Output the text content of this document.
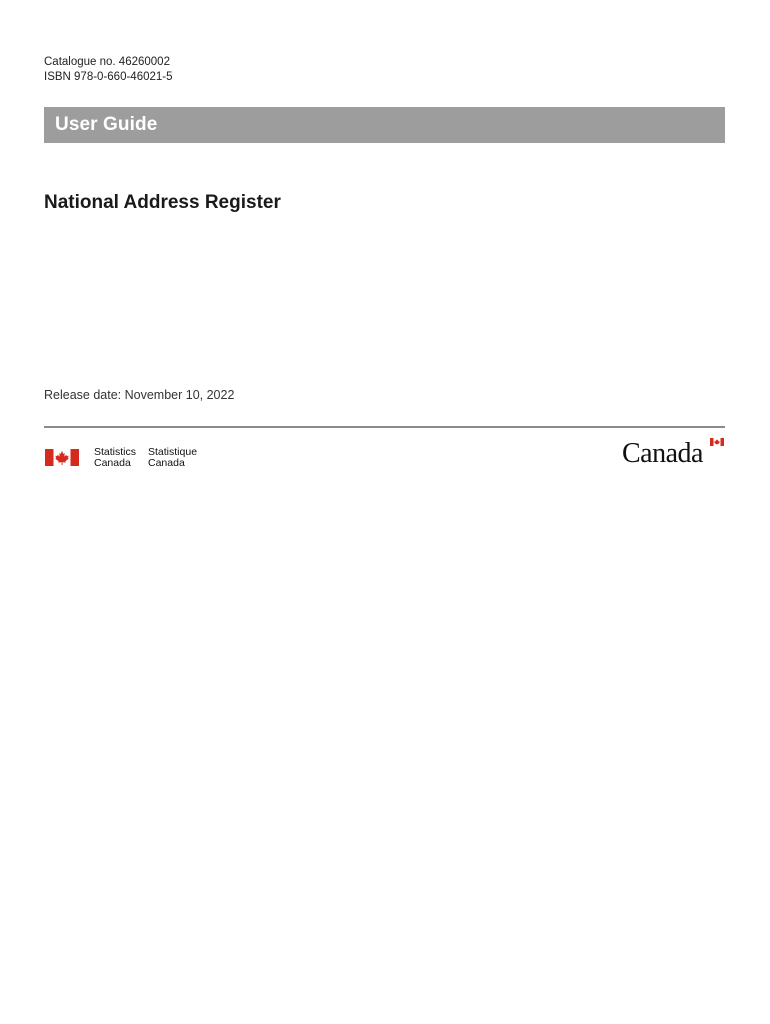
Catalogue no. 46260002
ISBN 978-0-660-46021-5
User Guide
National Address Register
Release date: November 10, 2022
Statistics
Canada
Statistique
Canada	Canada
